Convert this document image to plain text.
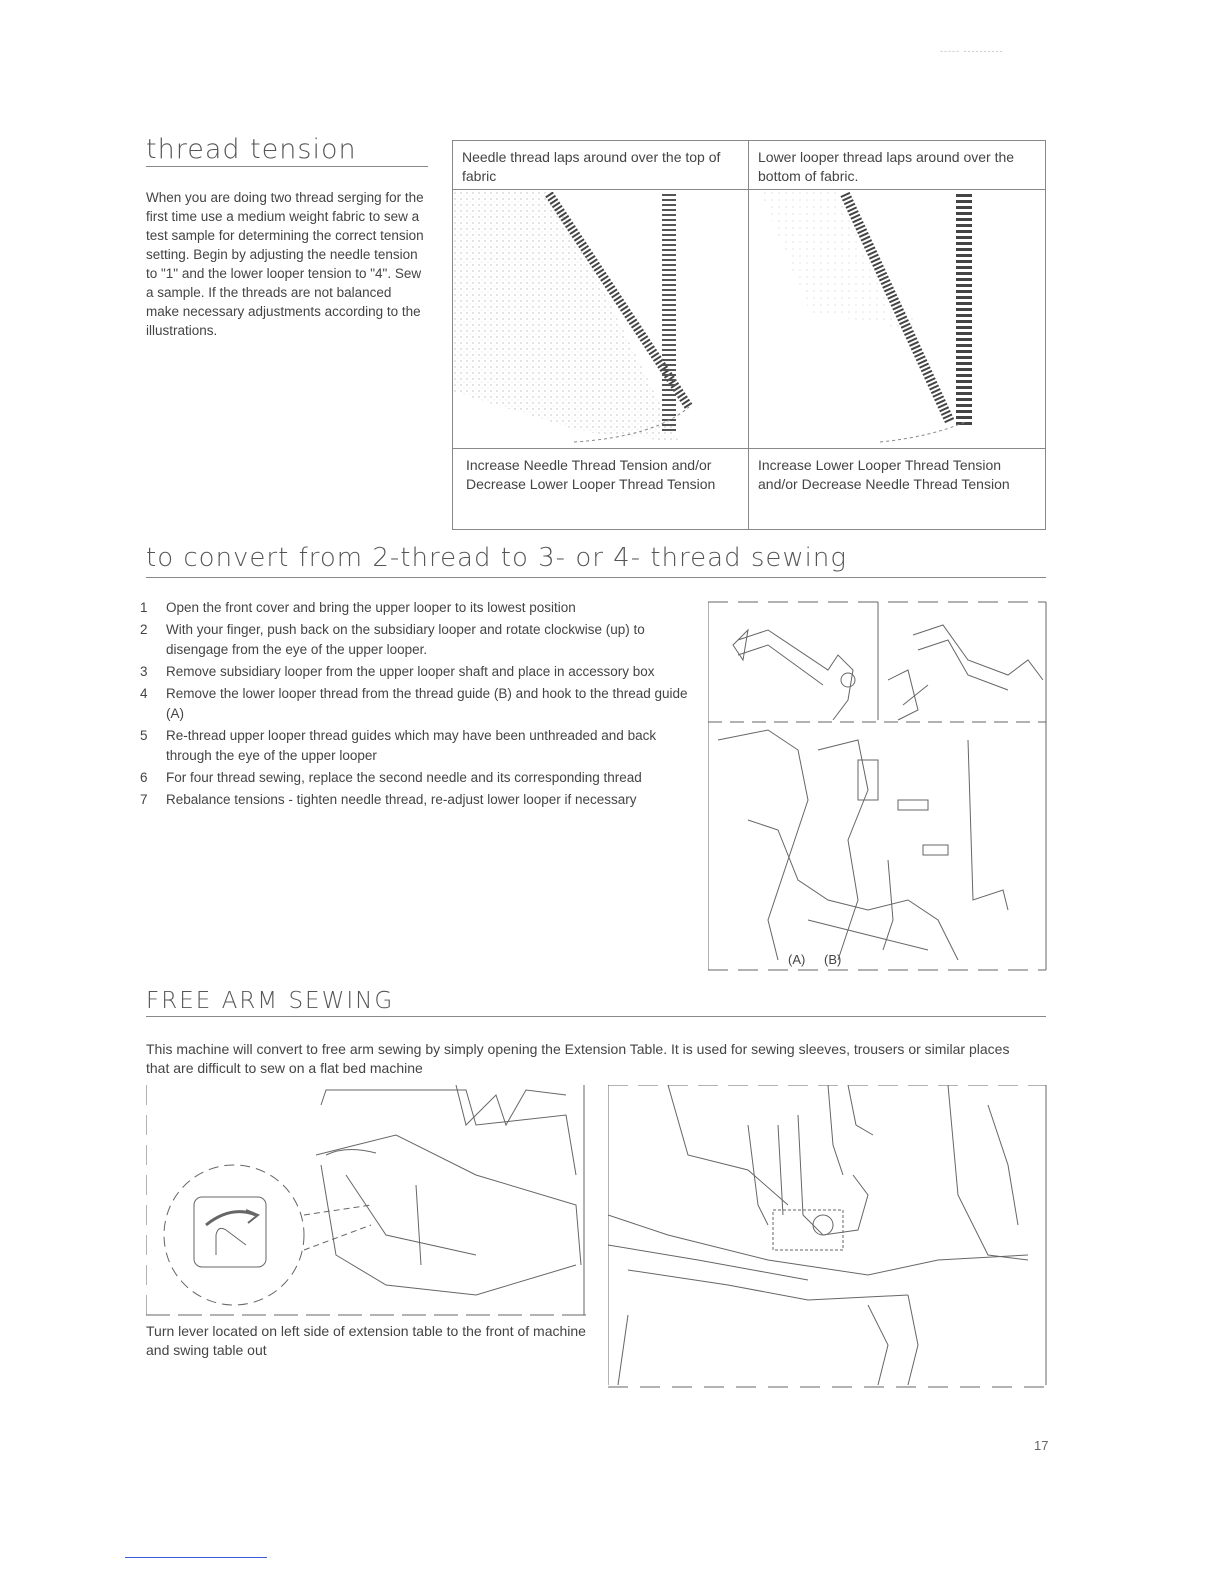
----- ----------
thread tension
When you are doing two thread serging for the first time use a medium weight fabric to sew a test sample for determining the correct tension setting. Begin by adjusting the needle tension to "1" and the lower looper tension to "4". Sew a sample. If the threads are not balanced make necessary adjustments according to the illustrations.
Needle thread laps around over the top of fabric
Increase Needle Thread Tension and/or Decrease Lower Looper Thread Tension
Lower looper thread laps around over the bottom of fabric.
Increase Lower Looper Thread Tension and/or Decrease Needle Thread Tension
to convert from 2-thread to 3- or 4- thread sewing
1 Open the front cover and bring the upper looper to its lowest position
2 With your finger, push back on the subsidiary looper and rotate clockwise (up) to disengage from the eye of the upper looper.
3 Remove subsidiary looper from the upper looper shaft and place in accessory box
4 Remove the lower looper thread from the thread guide (B) and hook to the thread guide (A)
5 Re-thread upper looper thread guides which may have been unthreaded and back through the eye of the upper looper
6 For four thread sewing, replace the second needle and its corresponding thread
7 Rebalance tensions - tighten needle thread, re-adjust lower looper if necessary
(A) (B)
FREE ARM SEWING
This machine will convert to free arm sewing by simply opening the Extension Table. It is used for sewing sleeves, trousers or similar places that are difficult to sew on a flat bed machine
Turn lever located on left side of extension table to the front of machine and swing table out
17
